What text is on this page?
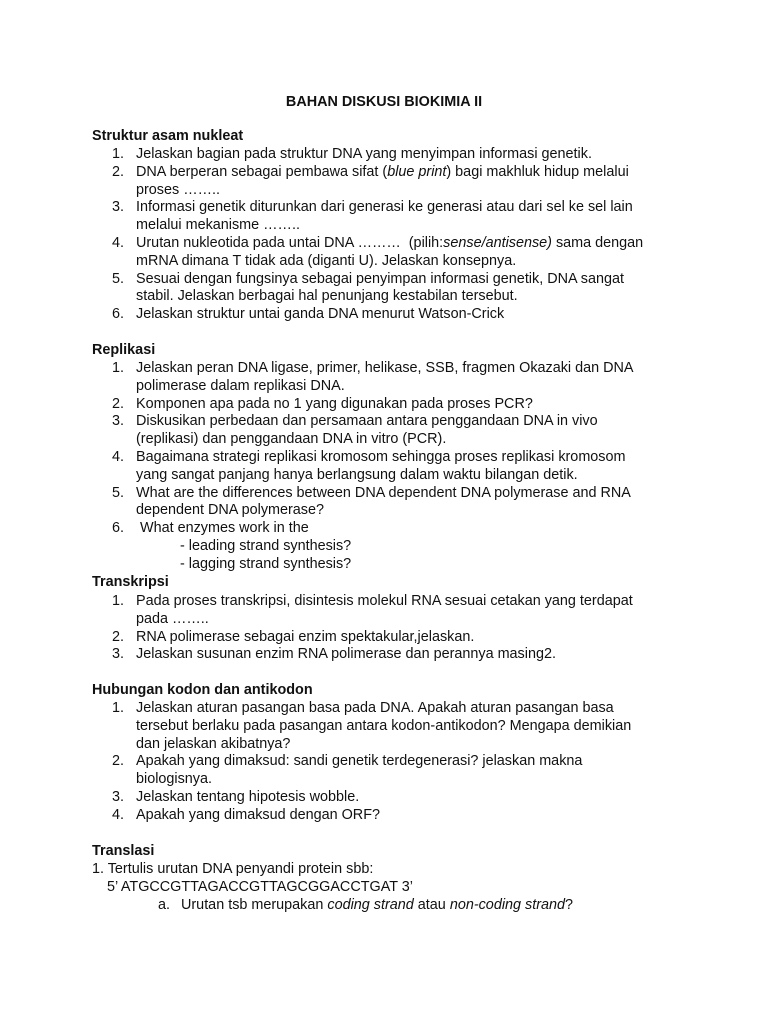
BAHAN DISKUSI BIOKIMIA II
Struktur asam nukleat
1. Jelaskan bagian pada struktur DNA yang menyimpan informasi genetik.
2. DNA berperan sebagai pembawa sifat (blue print) bagi makhluk hidup melalui
proses ……..
3. Informasi genetik diturunkan dari generasi ke generasi atau dari sel ke sel lain
melalui mekanisme ……..
4. Urutan nukleotida pada untai DNA ………  (pilih:sense/antisense) sama dengan
mRNA dimana T tidak ada (diganti U). Jelaskan konsepnya.
5. Sesuai dengan fungsinya sebagai penyimpan informasi genetik, DNA sangat
stabil. Jelaskan berbagai hal penunjang kestabilan tersebut.
6. Jelaskan struktur untai ganda DNA menurut Watson-Crick
Replikasi
1. Jelaskan peran DNA ligase, primer, helikase, SSB, fragmen Okazaki dan DNA
polimerase dalam replikasi DNA.
2. Komponen apa pada no 1 yang digunakan pada proses PCR?
3. Diskusikan perbedaan dan persamaan antara penggandaan DNA in vivo
(replikasi) dan penggandaan DNA in vitro (PCR).
4. Bagaimana strategi replikasi kromosom sehingga proses replikasi kromosom
yang sangat panjang hanya berlangsung dalam waktu bilangan detik.
5. What are the differences between DNA dependent DNA polymerase and RNA
dependent DNA polymerase?
6. What enzymes work in the
- leading strand synthesis?
- lagging strand synthesis?
Transkripsi
1. Pada proses transkripsi, disintesis molekul RNA sesuai cetakan yang terdapat
pada ……..
2. RNA polimerase sebagai enzim spektakular,jelaskan.
3. Jelaskan susunan enzim RNA polimerase dan perannya masing2.
Hubungan kodon dan antikodon
1. Jelaskan aturan pasangan basa pada DNA. Apakah aturan pasangan basa
tersebut berlaku pada pasangan antara kodon-antikodon? Mengapa demikian
dan jelaskan akibatnya?
2. Apakah yang dimaksud: sandi genetik terdegenerasi? jelaskan makna
biologisnya.
3. Jelaskan tentang hipotesis wobble.
4. Apakah yang dimaksud dengan ORF?
Translasi
1. Tertulis urutan DNA penyandi protein sbb:
5’ ATGCCGTTAGACCGTTAGCGGACCTGAT 3’
a. Urutan tsb merupakan coding strand atau non-coding strand?
